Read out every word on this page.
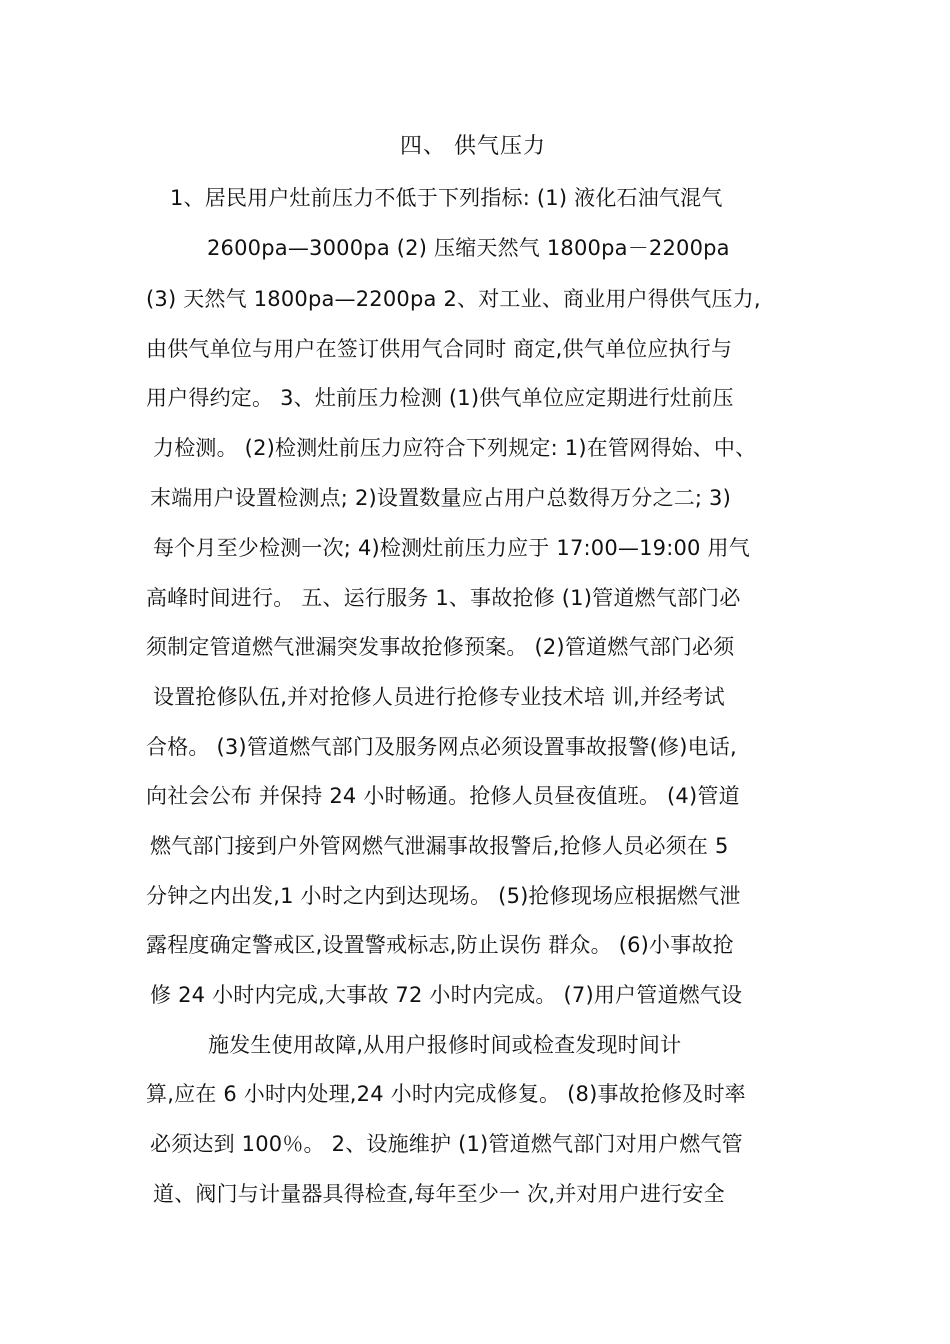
四、 供气压力
1、居民用户灶前压力不低于下列指标: (1) 液化石油气混气
2600pa—3000pa (2) 压缩天然气 1800pa－2200pa
(3) 天然气 1800pa—2200pa 2、对工业、商业用户得供气压力,
由供气单位与用户在签订供用气合同时 商定,供气单位应执行与
用户得约定。 3、灶前压力检测 (1)供气单位应定期进行灶前压
力检测。 (2)检测灶前压力应符合下列规定: 1)在管网得始、中、
末端用户设置检测点; 2)设置数量应占用户总数得万分之二; 3)
每个月至少检测一次; 4)检测灶前压力应于 17:00—19:00 用气
高峰时间进行。 五、运行服务 1、事故抢修 (1)管道燃气部门必
须制定管道燃气泄漏突发事故抢修预案。 (2)管道燃气部门必须
设置抢修队伍,并对抢修人员进行抢修专业技术培 训,并经考试
合格。 (3)管道燃气部门及服务网点必须设置事故报警(修)电话,
向社会公布 并保持 24 小时畅通。抢修人员昼夜值班。 (4)管道
燃气部门接到户外管网燃气泄漏事故报警后,抢修人员必须在 5
分钟之内出发,1 小时之内到达现场。 (5)抢修现场应根据燃气泄
露程度确定警戒区,设置警戒标志,防止误伤 群众。 (6)小事故抢
修 24 小时内完成,大事故 72 小时内完成。 (7)用户管道燃气设
施发生使用故障,从用户报修时间或检查发现时间计
算,应在 6 小时内处理,24 小时内完成修复。 (8)事故抢修及时率
必须达到 100％。 2、设施维护 (1)管道燃气部门对用户燃气管
道、阀门与计量器具得检查,每年至少一 次,并对用户进行安全
